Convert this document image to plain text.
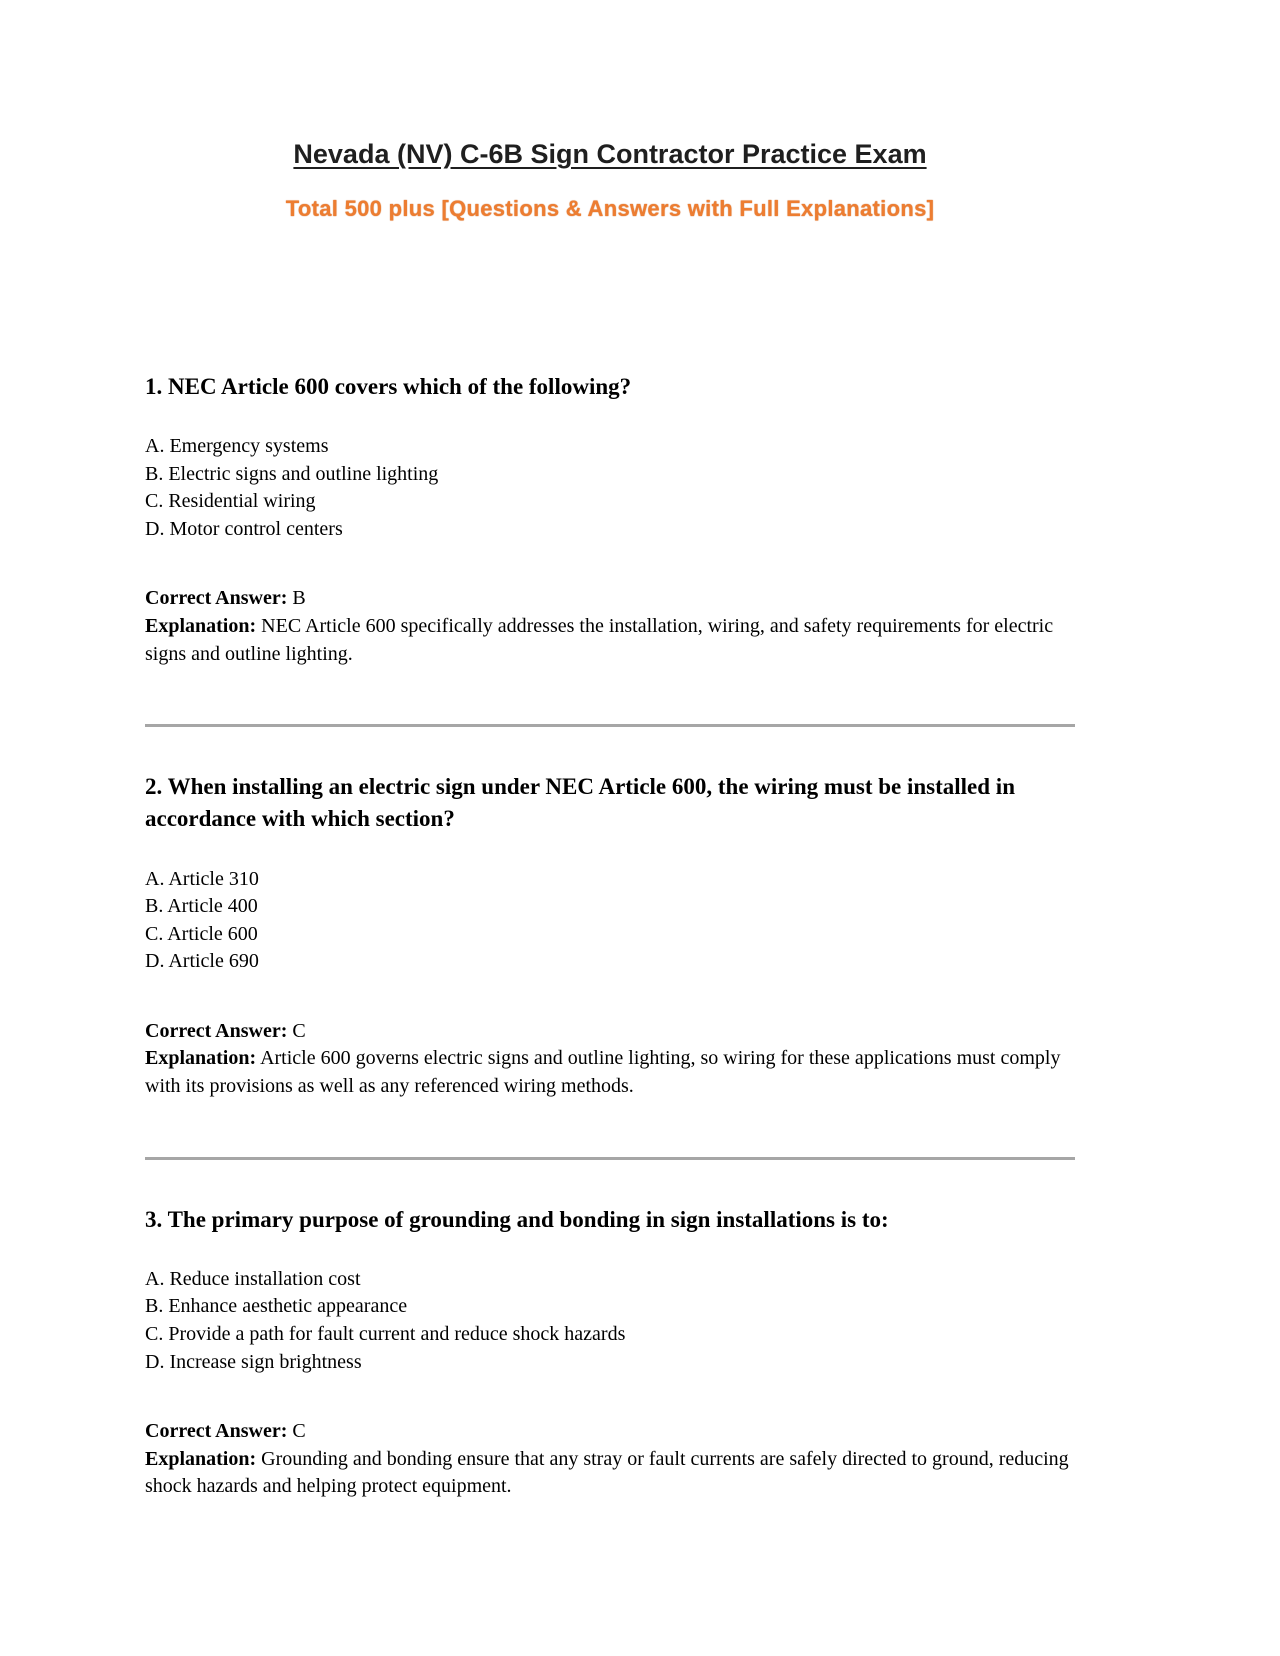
Nevada (NV) C-6B Sign Contractor Practice Exam
Total 500 plus [Questions & Answers with Full Explanations]
1. NEC Article 600 covers which of the following?

A. Emergency systems

B. Electric signs and outline lighting

C. Residential wiring

D. Motor control centers

Correct Answer: B

Explanation: NEC Article 600 specifically addresses the installation, wiring, and safety requirements for electric signs and outline lighting.

2. When installing an electric sign under NEC Article 600, the wiring must be installed in accordance with which section?

A. Article 310

B. Article 400

C. Article 600

D. Article 690

Correct Answer: C

Explanation: Article 600 governs electric signs and outline lighting, so wiring for these applications must comply with its provisions as well as any referenced wiring methods.

3. The primary purpose of grounding and bonding in sign installations is to:

A. Reduce installation cost

B. Enhance aesthetic appearance

C. Provide a path for fault current and reduce shock hazards

D. Increase sign brightness

Correct Answer: C

Explanation: Grounding and bonding ensure that any stray or fault currents are safely directed to ground, reducing shock hazards and helping protect equipment.
